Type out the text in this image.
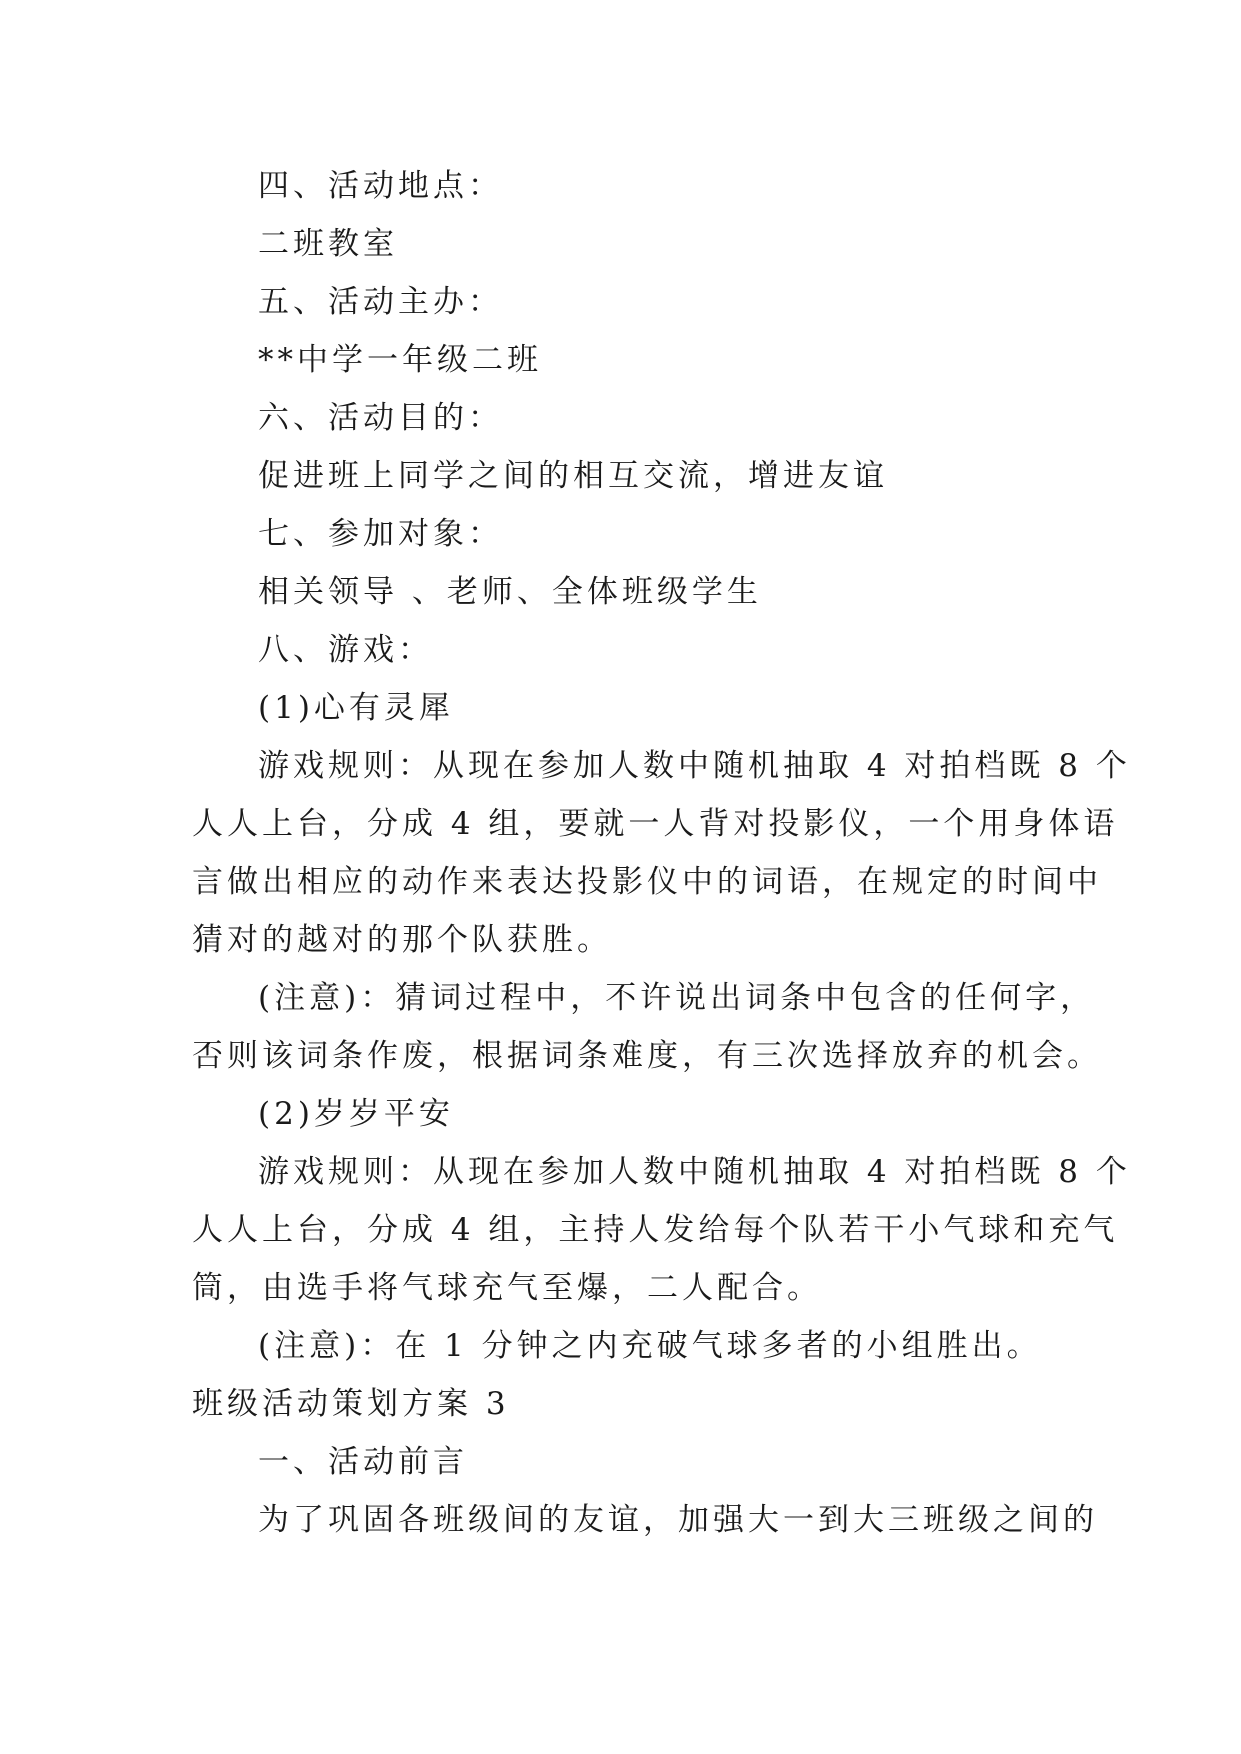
四、活动地点：
二班教室
五、活动主办：
**中学一年级二班
六、活动目的：
促进班上同学之间的相互交流，增进友谊
七、参加对象：
相关领导 、老师、全体班级学生
八、游戏：
(1)心有灵犀
游戏规则：从现在参加人数中随机抽取 4 对拍档既 8 个
人人上台，分成 4 组，要就一人背对投影仪，一个用身体语
言做出相应的动作来表达投影仪中的词语，在规定的时间中
猜对的越对的那个队获胜。
(注意)：猜词过程中，不许说出词条中包含的任何字，
否则该词条作废，根据词条难度，有三次选择放弃的机会。
(2)岁岁平安
游戏规则：从现在参加人数中随机抽取 4 对拍档既 8 个
人人上台，分成 4 组，主持人发给每个队若干小气球和充气
筒，由选手将气球充气至爆，二人配合。
(注意)：在 1 分钟之内充破气球多者的小组胜出。
班级活动策划方案 3
一、活动前言
为了巩固各班级间的友谊，加强大一到大三班级之间的
